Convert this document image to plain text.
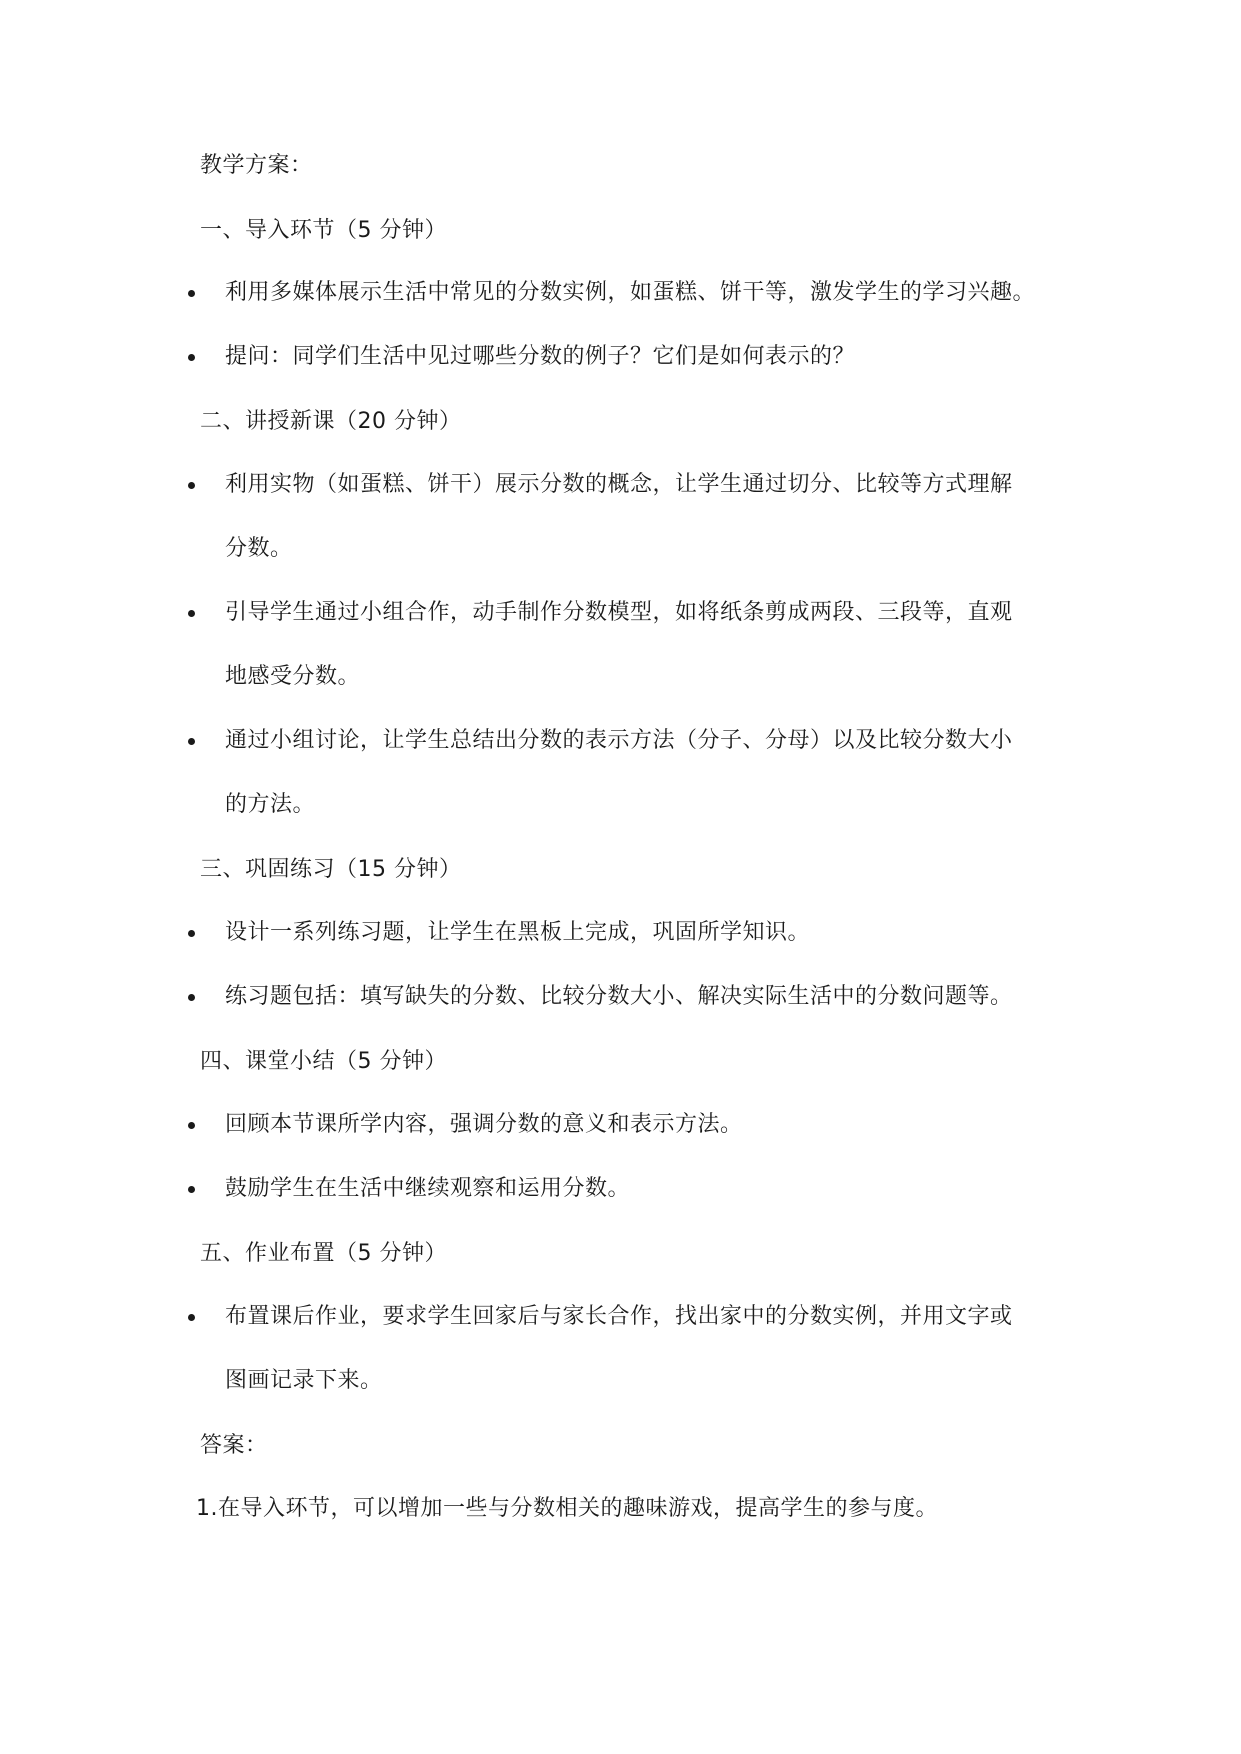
教学方案：
一、导入环节（5 分钟）
利用多媒体展示生活中常见的分数实例，如蛋糕、饼干等，激发学生的学习兴趣。
提问：同学们生活中见过哪些分数的例子？它们是如何表示的？
二、讲授新课（20 分钟）
利用实物（如蛋糕、饼干）展示分数的概念，让学生通过切分、比较等方式理解
分数。
引导学生通过小组合作，动手制作分数模型，如将纸条剪成两段、三段等，直观
地感受分数。
通过小组讨论，让学生总结出分数的表示方法（分子、分母）以及比较分数大小
的方法。
三、巩固练习（15 分钟）
设计一系列练习题，让学生在黑板上完成，巩固所学知识。
练习题包括：填写缺失的分数、比较分数大小、解决实际生活中的分数问题等。
四、课堂小结（5 分钟）
回顾本节课所学内容，强调分数的意义和表示方法。
鼓励学生在生活中继续观察和运用分数。
五、作业布置（5 分钟）
布置课后作业，要求学生回家后与家长合作，找出家中的分数实例，并用文字或
图画记录下来。
答案：
1.在导入环节，可以增加一些与分数相关的趣味游戏，提高学生的参与度。
